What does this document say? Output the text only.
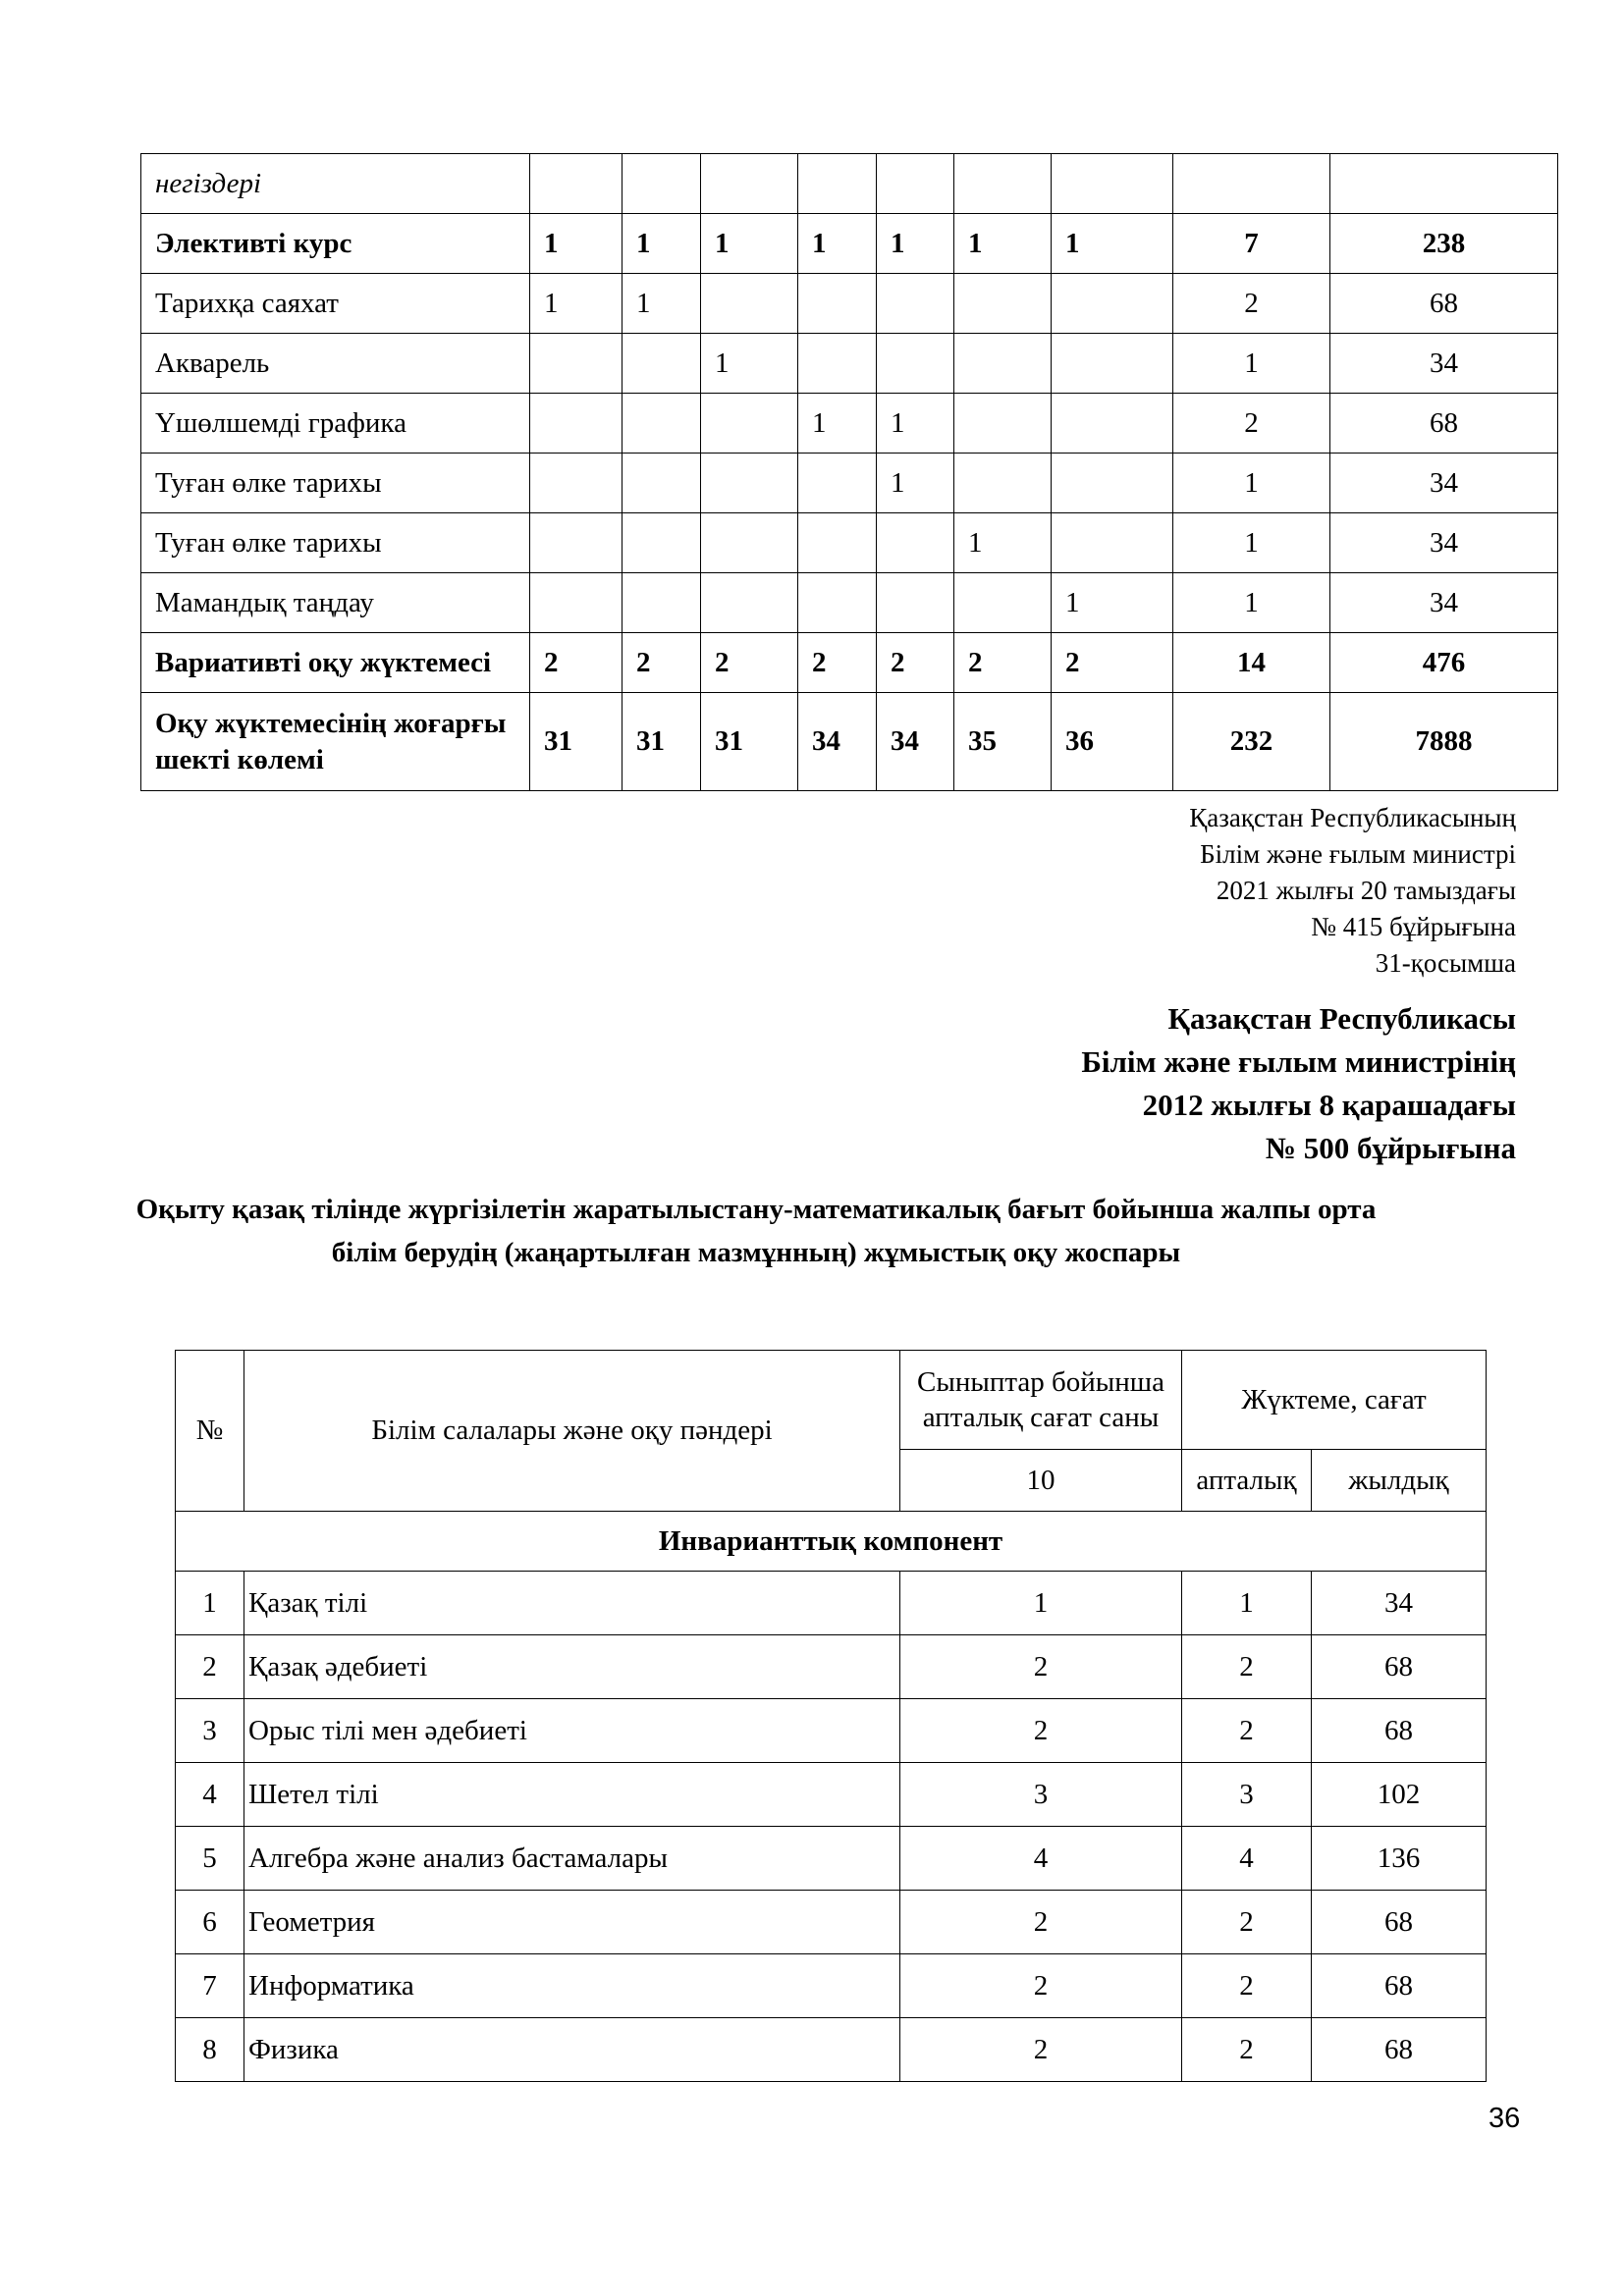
негіздері									
Элективті курс	1	1	1	1	1	1	1	7	238
Тарихқа саяхат	1	1						2	68
Акварель			1					1	34
Үшөлшемді графика				1	1			2	68
Туған өлке тарихы					1			1	34
Туған өлке тарихы						1		1	34
Мамандық таңдау							1	1	34
Вариативті оқу жүктемесі	2	2	2	2	2	2	2	14	476
Оқу жүктемесінің жоғарғы шекті көлемі	31	31	31	34	34	35	36	232	7888
Қазақстан Республикасының
Білім және ғылым министрі
2021 жылғы 20 тамыздағы
№ 415 бұйрығына
31-қосымша
Қазақстан Республикасы
Білім және ғылым министрінің
2012 жылғы 8 қарашадағы
№ 500 бұйрығына
Оқыту қазақ тілінде жүргізілетін жаратылыстану-математикалық бағыт бойынша жалпы орта
білім берудің (жаңартылған мазмұнның) жұмыстық оқу жоспары
№	Білім салалары және оқу пәндері	Сыныптар бойынша апталық сағат саны	Жүктеме, сағат	
		10	апталық	жылдық
Инварианттық компонент				
1	Қазақ тілі	1	1	34
2	Қазақ әдебиеті	2	2	68
3	Орыс тілі мен әдебиеті	2	2	68
4	Шетел тілі	3	3	102
5	Алгебра және анализ бастамалары	4	4	136
6	Геометрия	2	2	68
7	Информатика	2	2	68
8	Физика	2	2	68
36
